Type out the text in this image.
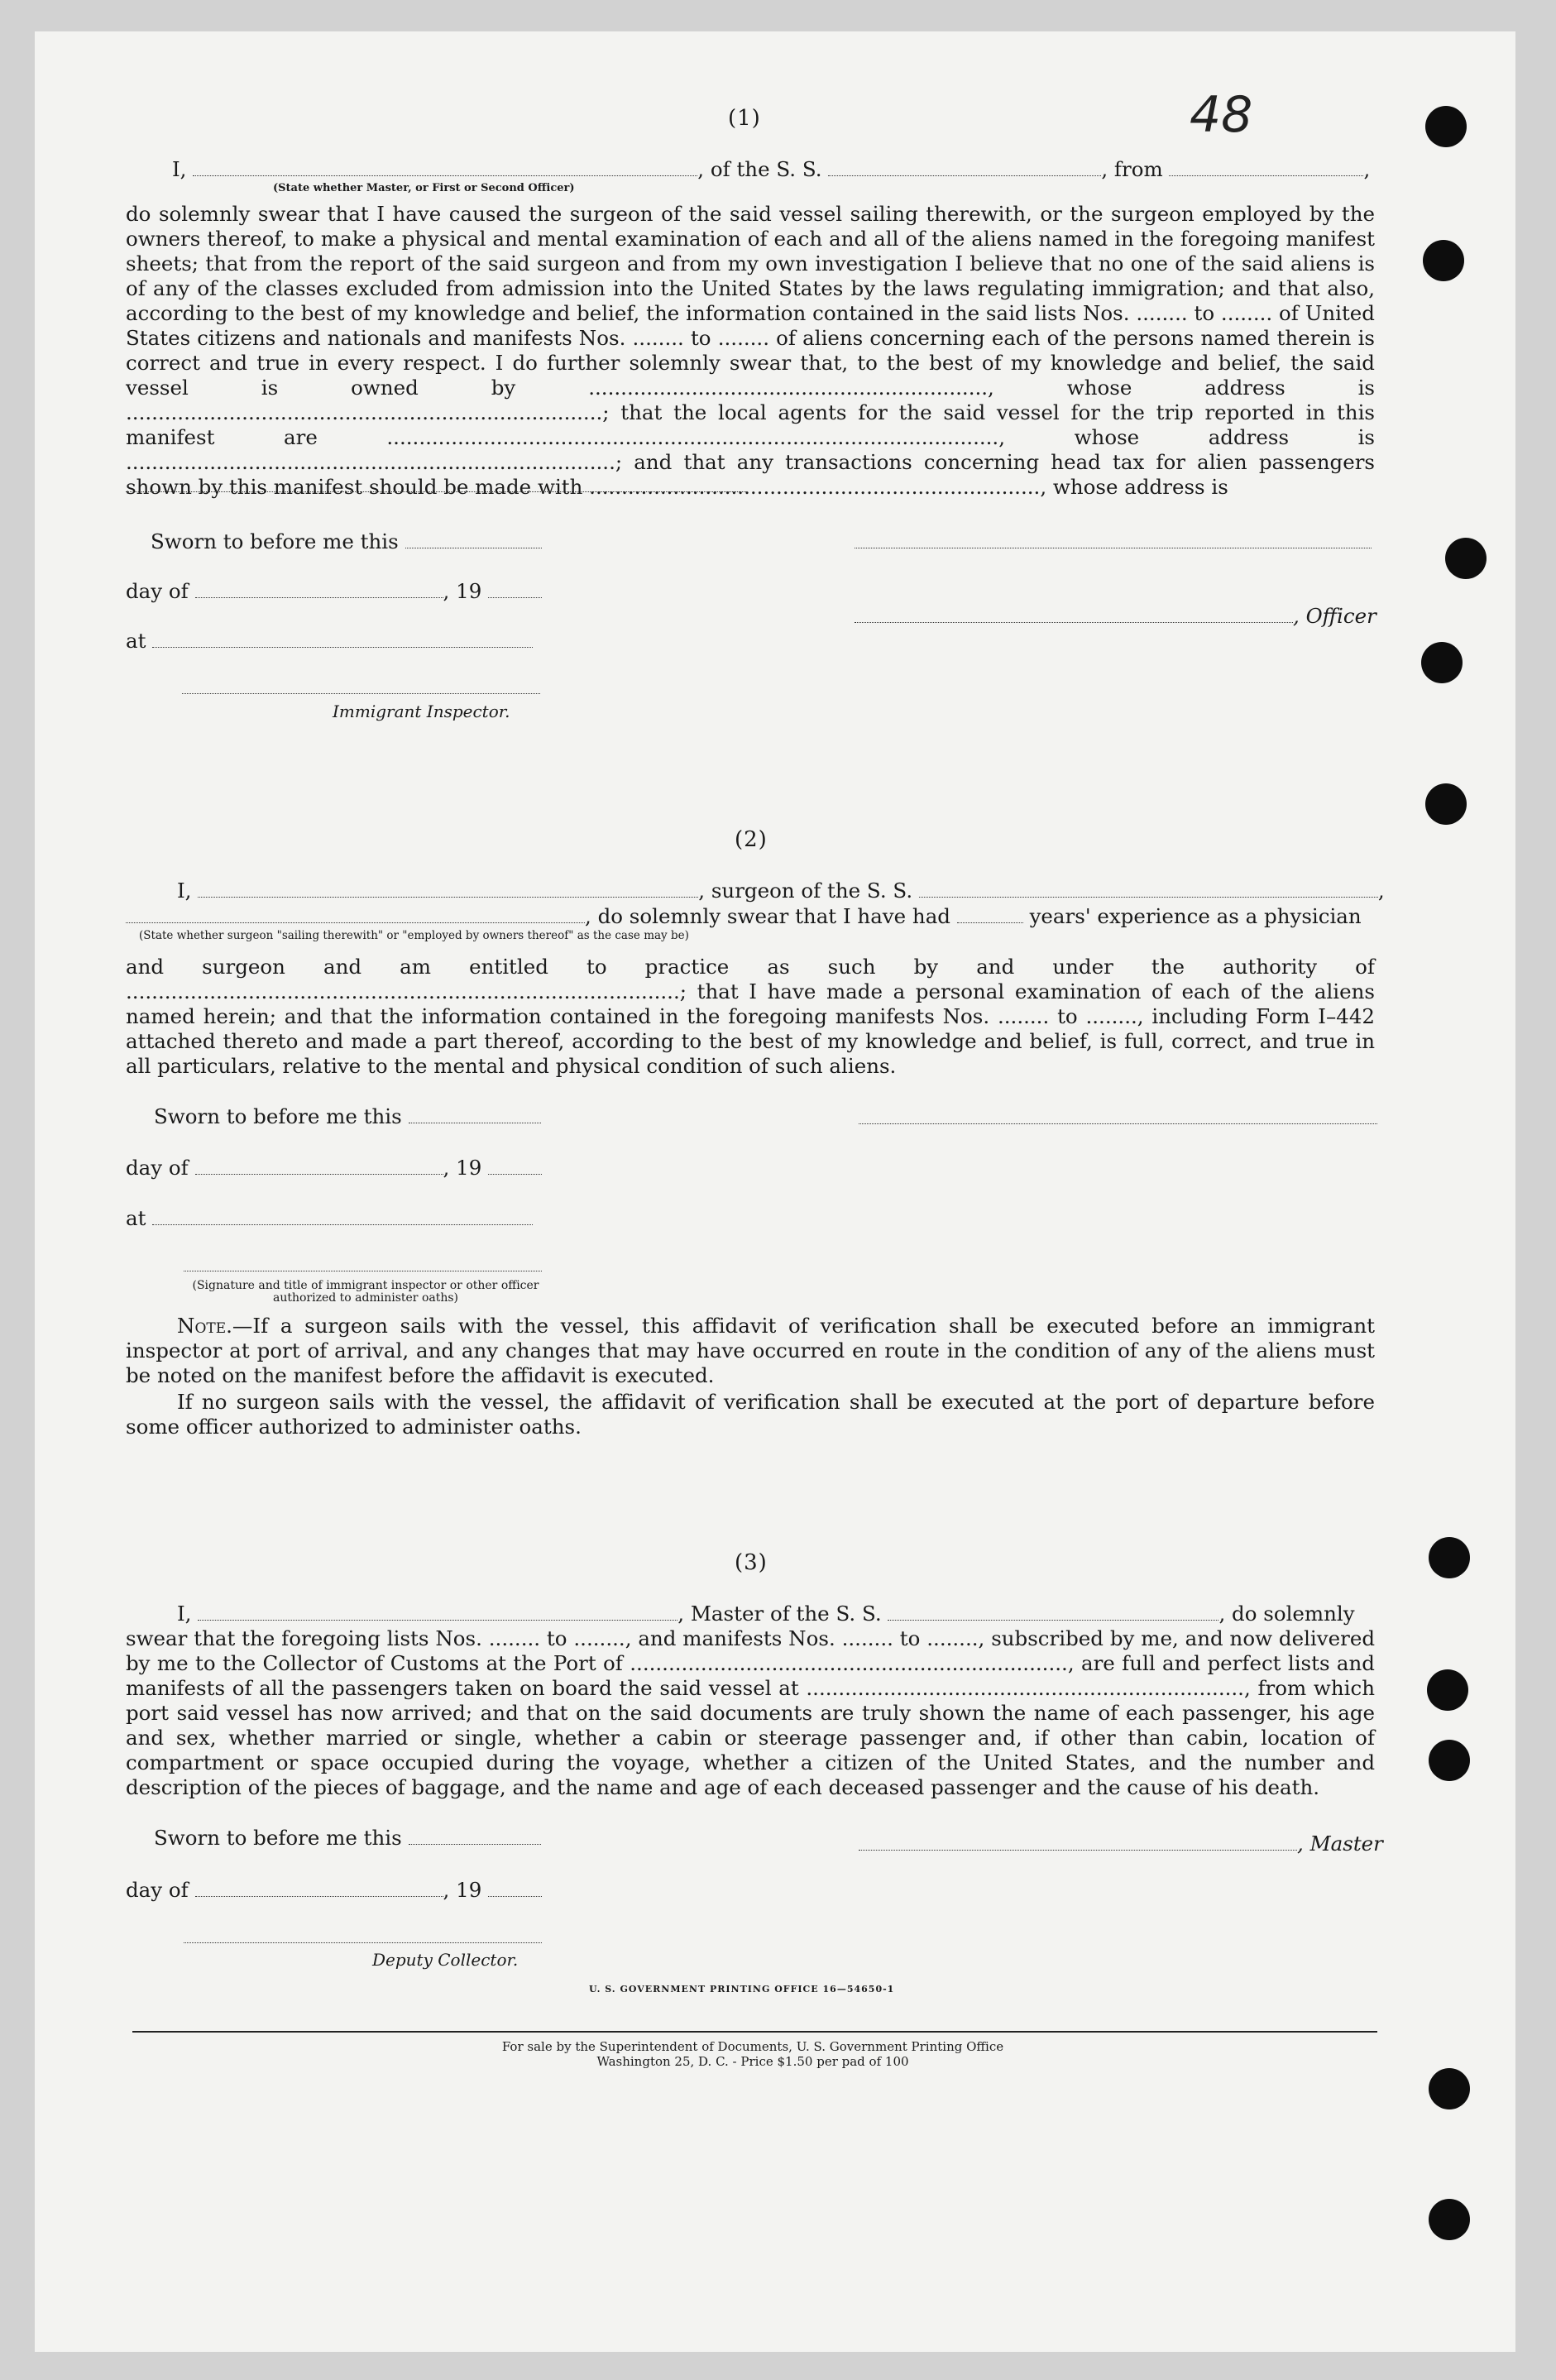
48
(1)
I,	, of the S. S.	, from	,
(State whether Master, or First or Second Officer)
do solemnly swear that I have caused the surgeon of the said vessel sailing therewith, or the surgeon employed by the owners thereof, to make a physical and mental examination of each and all of the aliens named in the foregoing manifest sheets; that from the report of the said surgeon and from my own investigation I believe that no one of the said aliens is of any of the classes excluded from admission into the United States by the laws regulating immigration; and that also, according to the best of my knowledge and belief, the information contained in the said lists Nos. ........ to ........ of United States citizens and nationals and manifests Nos. ........ to ........ of aliens concerning each of the persons named therein is correct and true in every respect. I do further solemnly swear that, to the best of my knowledge and belief, the said vessel is owned by .............................................................., whose address is ..........................................................................; that the local agents for the said vessel for the trip reported in this manifest are ..............................................................................................., whose address is ............................................................................; and that any transactions concerning head tax for alien passengers shown by this manifest should be made with ......................................................................, whose address is
Sworn to before me this
day of	, 19
, Officer
at
Immigrant Inspector.
(2)
I,	, surgeon of the S. S.	,
, do solemnly swear that I have had	years' experience as a physician
(State whether surgeon "sailing therewith" or "employed by owners thereof" as the case may be)
and surgeon and am entitled to practice as such by and under the authority of ......................................................................................; that I have made a personal examination of each of the aliens named herein; and that the information contained in the foregoing manifests Nos. ........ to ........, including Form I–442 attached thereto and made a part thereof, according to the best of my knowledge and belief, is full, correct, and true in all particulars, relative to the mental and physical condition of such aliens.
Sworn to before me this
day of	, 19
at
(Signature and title of immigrant inspector or other officer authorized to administer oaths)
Note.—If a surgeon sails with the vessel, this affidavit of verification shall be executed before an immigrant inspector at port of arrival, and any changes that may have occurred en route in the condition of any of the aliens must be noted on the manifest before the affidavit is executed.
If no surgeon sails with the vessel, the affidavit of verification shall be executed at the port of departure before some officer authorized to administer oaths.
(3)
I,	, Master of the S. S.	, do solemnly
swear that the foregoing lists Nos. ........ to ........, and manifests Nos. ........ to ........, subscribed by me, and now delivered by me to the Collector of Customs at the Port of ...................................................................., are full and perfect lists and manifests of all the passengers taken on board the said vessel at ...................................................................., from which port said vessel has now arrived; and that on the said documents are truly shown the name of each passenger, his age and sex, whether married or single, whether a cabin or steerage passenger and, if other than cabin, location of compartment or space occupied during the voyage, whether a citizen of the United States, and the number and description of the pieces of baggage, and the name and age of each deceased passenger and the cause of his death.
Sworn to before me this	, Master
day of	, 19
Deputy Collector.
U. S. GOVERNMENT PRINTING OFFICE 16—54650-1
For sale by the Superintendent of Documents, U. S. Government Printing Office
Washington 25, D. C. - Price $1.50 per pad of 100
